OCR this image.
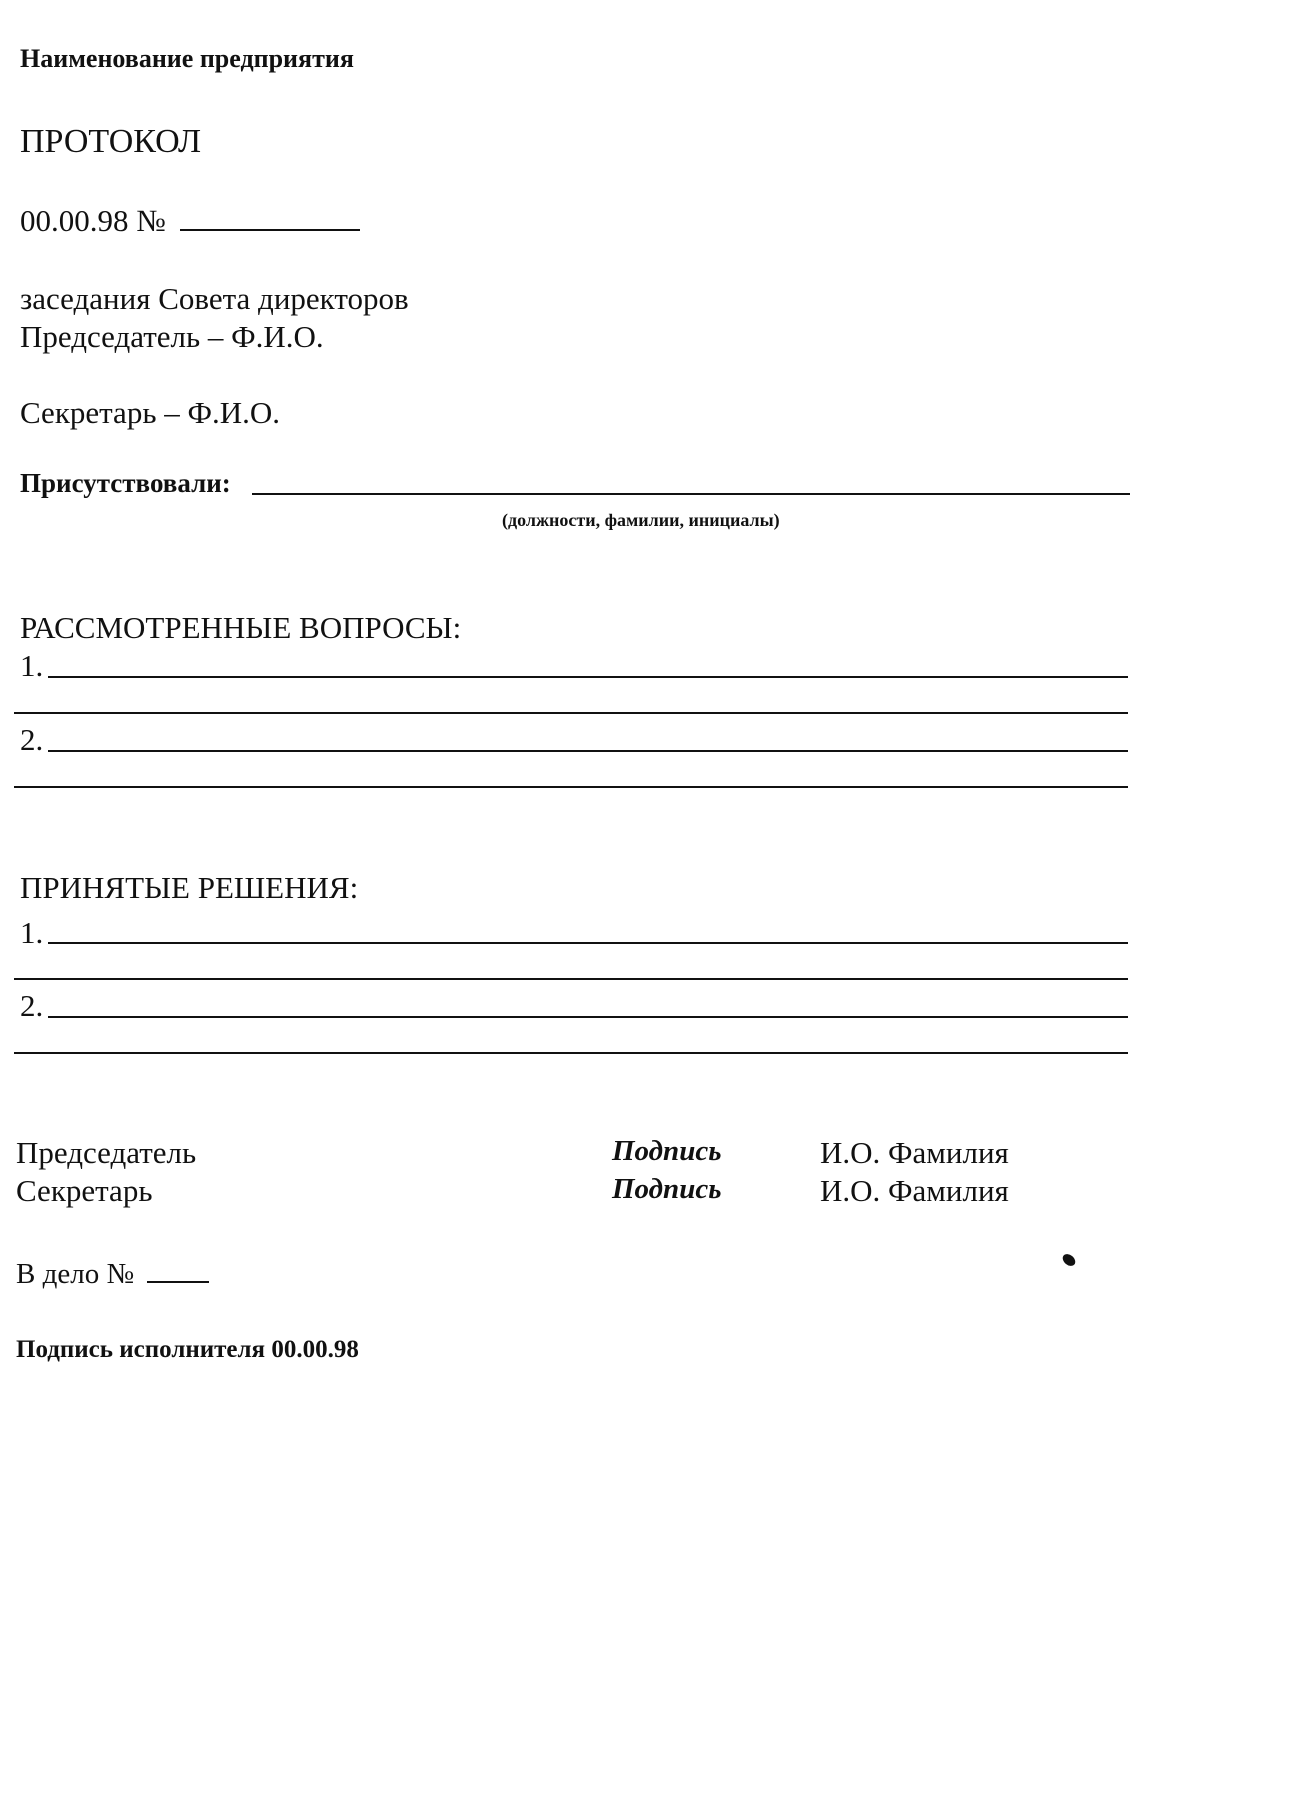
Наименование предприятия
ПРОТОКОЛ
00.00.98 №
заседания Совета директоров
Председатель – Ф.И.О.
Секретарь – Ф.И.О.
Присутствовали:
(должности, фамилии, инициалы)
РАССМОТРЕННЫЕ ВОПРОСЫ:
1.
2.
ПРИНЯТЫЕ РЕШЕНИЯ:
1.
2.
Председатель	Подпись	И.О. Фамилия
Секретарь	Подпись	И.О. Фамилия
В дело №
Подпись исполнителя 00.00.98
